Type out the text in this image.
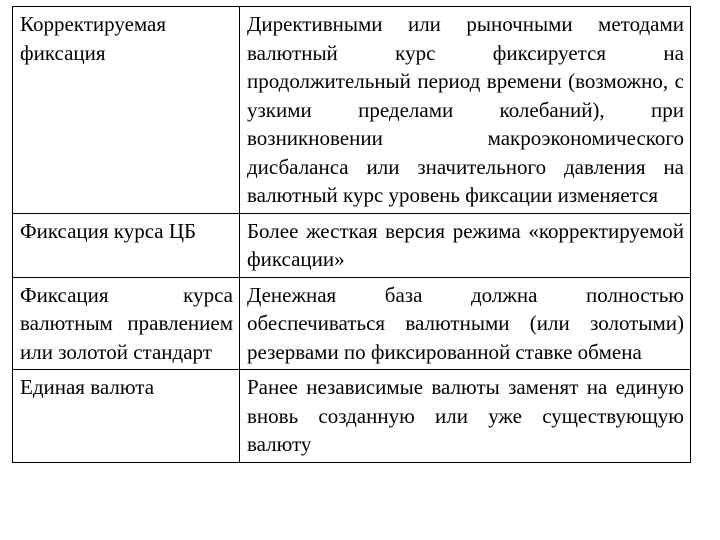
Корректируемая фиксация	Директивными или рыночными методами валютный курс фиксируется на продолжительный период времени (возможно, с узкими пределами колебаний), при возникновении макроэкономического дисбаланса или значительного давления на валютный курс уровень фиксации изменяется

Фиксация курса ЦБ	Более жесткая версия режима «корректируемой фиксации»

Фиксация курса валютным правлением или золотой стандарт	Денежная база должна полностью обеспечиваться валютными (или золотыми) резервами по фиксированной ставке обмена

Единая валюта	Ранее независимые валюты заменят на единую вновь созданную или уже существующую валюту
